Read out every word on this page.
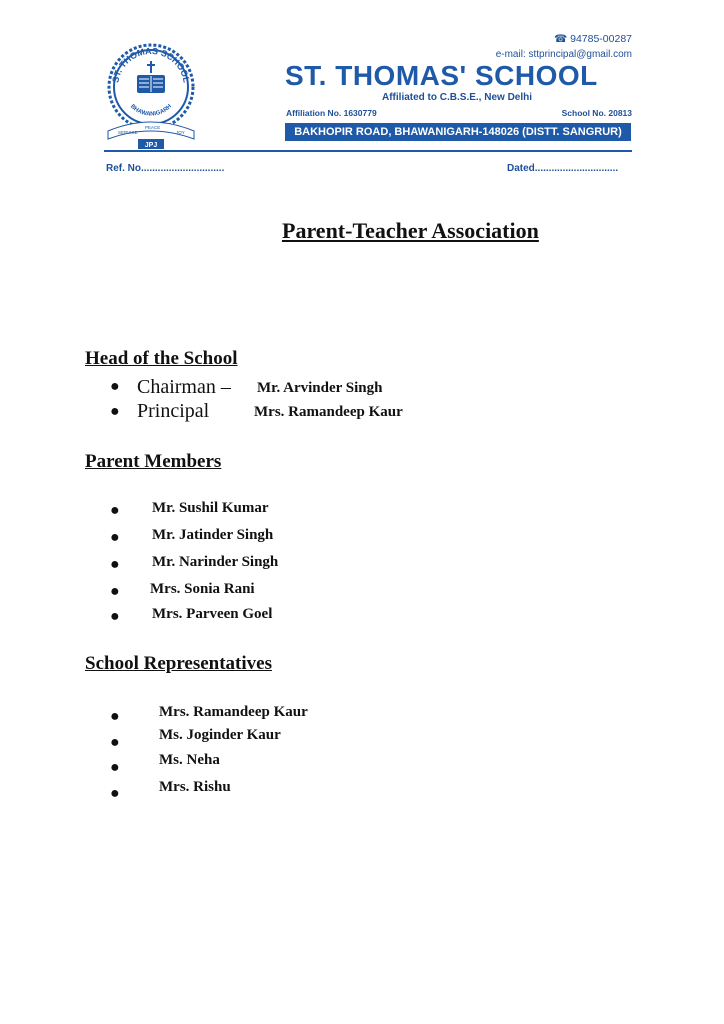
ST. THOMAS SCHOOL
BHAWANIGARH
SERVICE
PEACE
JOY
JPJ
☎ 94785-00287
e-mail: sttprincipal@gmail.com
ST. THOMAS' SCHOOL
Affiliated to C.B.S.E., New Delhi
Affiliation No. 1630779	School No. 20813
BAKHOPIR ROAD, BHAWANIGARH-148026 (DISTT. SANGRUR)
Ref. No..............................	Dated..............................
Parent-Teacher Association
Head of the School
● Chairman – Mr. Arvinder Singh
● Principal	Mrs. Ramandeep Kaur
Parent Members
● Mr. Sushil Kumar
● Mr. Jatinder Singh
● Mr. Narinder Singh
● Mrs. Sonia Rani
● Mrs. Parveen Goel
School Representatives
●	Mrs. Ramandeep Kaur
●	Ms. Joginder Kaur
●	Ms. Neha
●	Mrs. Rishu
